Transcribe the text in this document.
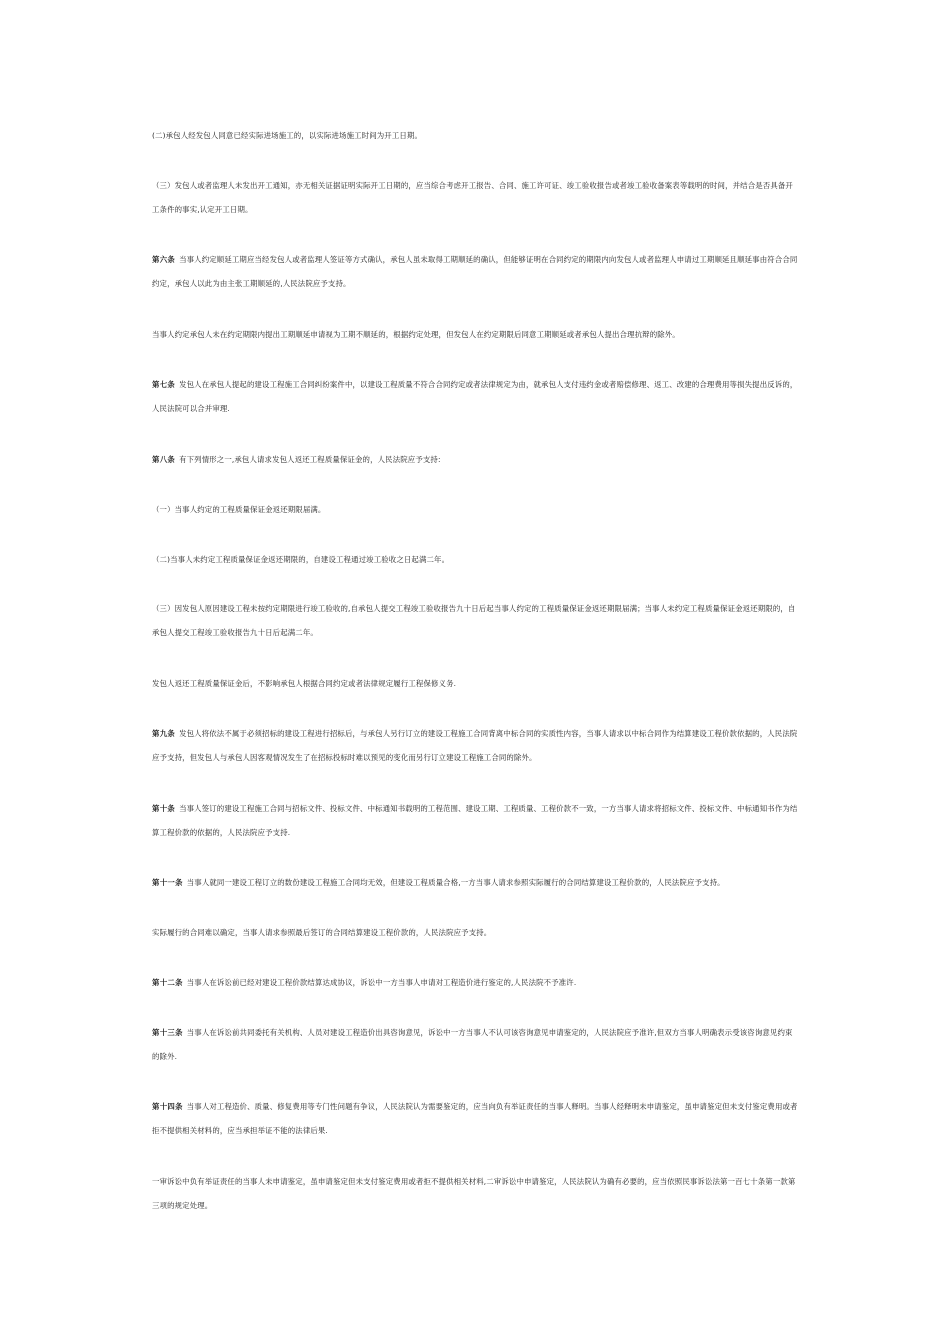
(二)承包人经发包人同意已经实际进场施工的，以实际进场施工时间为开工日期。

（三）发包人或者监理人未发出开工通知，亦无相关证据证明实际开工日期的，应当综合考虑开工报告、合同、施工许可证、竣工验收报告或者竣工验收备案表等载明的时间，并结合是否具备开工条件的事实,认定开工日期。

第六条 当事人约定顺延工期应当经发包人或者监理人签证等方式确认，承包人虽未取得工期顺延的确认，但能够证明在合同约定的期限内向发包人或者监理人申请过工期顺延且顺延事由符合合同约定，承包人以此为由主张工期顺延的,人民法院应予支持。

当事人约定承包人未在约定期限内提出工期顺延申请视为工期不顺延的，根据约定处理，但发包人在约定期限后同意工期顺延或者承包人提出合理抗辩的除外。

第七条 发包人在承包人提起的建设工程施工合同纠纷案件中，以建设工程质量不符合合同约定或者法律规定为由，就承包人支付违约金或者赔偿修理、返工、改建的合理费用等损失提出反诉的，人民法院可以合并审理.

第八条 有下列情形之一,承包人请求发包人返还工程质量保证金的，人民法院应予支持:

（一）当事人约定的工程质量保证金返还期限届满。

（二)当事人未约定工程质量保证金返还期限的，自建设工程通过竣工验收之日起满二年。

（三）因发包人原因建设工程未按约定期限进行竣工验收的,自承包人提交工程竣工验收报告九十日后起当事人约定的工程质量保证金返还期限届满；当事人未约定工程质量保证金返还期限的，自承包人提交工程竣工验收报告九十日后起满二年。

发包人返还工程质量保证金后，不影响承包人根据合同约定或者法律规定履行工程保修义务.

第九条 发包人将依法不属于必须招标的建设工程进行招标后，与承包人另行订立的建设工程施工合同背离中标合同的实质性内容，当事人请求以中标合同作为结算建设工程价款依据的，人民法院应予支持，但发包人与承包人因客观情况发生了在招标投标时难以预见的变化而另行订立建设工程施工合同的除外。

第十条 当事人签订的建设工程施工合同与招标文件、投标文件、中标通知书载明的工程范围、建设工期、工程质量、工程价款不一致，一方当事人请求将招标文件、投标文件、中标通知书作为结算工程价款的依据的，人民法院应予支持.

第十一条 当事人就同一建设工程订立的数份建设工程施工合同均无效，但建设工程质量合格,一方当事人请求参照实际履行的合同结算建设工程价款的，人民法院应予支持。

实际履行的合同难以确定，当事人请求参照最后签订的合同结算建设工程价款的，人民法院应予支持。

第十二条 当事人在诉讼前已经对建设工程价款结算达成协议，诉讼中一方当事人申请对工程造价进行鉴定的,人民法院不予准许.

第十三条 当事人在诉讼前共同委托有关机构、人员对建设工程造价出具咨询意见，诉讼中一方当事人不认可该咨询意见申请鉴定的，人民法院应予准许,但双方当事人明确表示受该咨询意见约束的除外.

第十四条 当事人对工程造价、质量、修复费用等专门性问题有争议，人民法院认为需要鉴定的，应当向负有举证责任的当事人释明。当事人经释明未申请鉴定，虽申请鉴定但未支付鉴定费用或者拒不提供相关材料的，应当承担举证不能的法律后果.

一审诉讼中负有举证责任的当事人未申请鉴定，虽申请鉴定但未支付鉴定费用或者拒不提供相关材料,二审诉讼中申请鉴定，人民法院认为确有必要的，应当依照民事诉讼法第一百七十条第一款第三项的规定处理。
